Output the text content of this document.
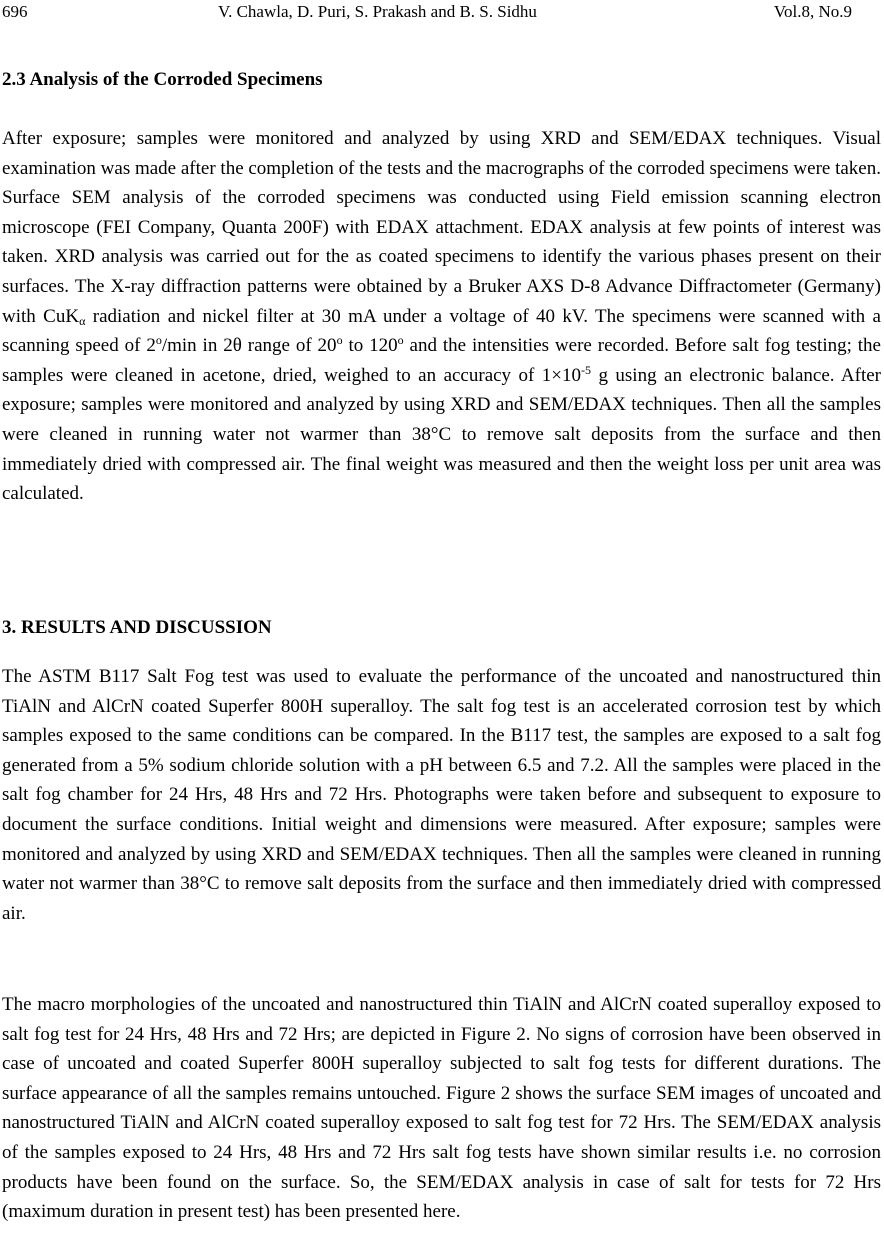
696	V. Chawla, D. Puri, S. Prakash and B. S. Sidhu	Vol.8, No.9
2.3 Analysis of the Corroded Specimens

After exposure; samples were monitored and analyzed by using XRD and SEM/EDAX techniques. Visual examination was made after the completion of the tests and the macrographs of the corroded specimens were taken. Surface SEM analysis of the corroded specimens was conducted using Field emission scanning electron microscope (FEI Company, Quanta 200F) with EDAX attachment. EDAX analysis at few points of interest was taken. XRD analysis was carried out for the as coated specimens to identify the various phases present on their surfaces. The X-ray diffraction patterns were obtained by a Bruker AXS D-8 Advance Diffractometer (Germany) with CuK$_\alpha$ radiation and nickel filter at 30 mA under a voltage of 40 kV. The specimens were scanned with a scanning speed of 2$^o$/min in 2θ range of 20$^o$ to 120$^o$ and the intensities were recorded. Before salt fog testing; the samples were cleaned in acetone, dried, weighed to an accuracy of $1\times 10^{-5}$ g using an electronic balance. After exposure; samples were monitored and analyzed by using XRD and SEM/EDAX techniques. Then all the samples were cleaned in running water not warmer than 38°C to remove salt deposits from the surface and then immediately dried with compressed air. The final weight was measured and then the weight loss per unit area was calculated.

3. RESULTS AND DISCUSSION

The ASTM B117 Salt Fog test was used to evaluate the performance of the uncoated and nanostructured thin TiAlN and AlCrN coated Superfer 800H superalloy. The salt fog test is an accelerated corrosion test by which samples exposed to the same conditions can be compared. In the B117 test, the samples are exposed to a salt fog generated from a 5% sodium chloride solution with a pH between 6.5 and 7.2. All the samples were placed in the salt fog chamber for 24 Hrs, 48 Hrs and 72 Hrs. Photographs were taken before and subsequent to exposure to document the surface conditions. Initial weight and dimensions were measured. After exposure; samples were monitored and analyzed by using XRD and SEM/EDAX techniques. Then all the samples were cleaned in running water not warmer than 38°C to remove salt deposits from the surface and then immediately dried with compressed air.

The macro morphologies of the uncoated and nanostructured thin TiAlN and AlCrN coated superalloy exposed to salt fog test for 24 Hrs, 48 Hrs and 72 Hrs; are depicted in Figure 2. No signs of corrosion have been observed in case of uncoated and coated Superfer 800H superalloy subjected to salt fog tests for different durations. The surface appearance of all the samples remains untouched. Figure 2 shows the surface SEM images of uncoated and nanostructured TiAlN and AlCrN coated superalloy exposed to salt fog test for 72 Hrs. The SEM/EDAX analysis of the samples exposed to 24 Hrs, 48 Hrs and 72 Hrs salt fog tests have shown similar results i.e. no corrosion products have been found on the surface. So, the SEM/EDAX analysis in case of salt for tests for 72 Hrs (maximum duration in present test) has been presented here.
